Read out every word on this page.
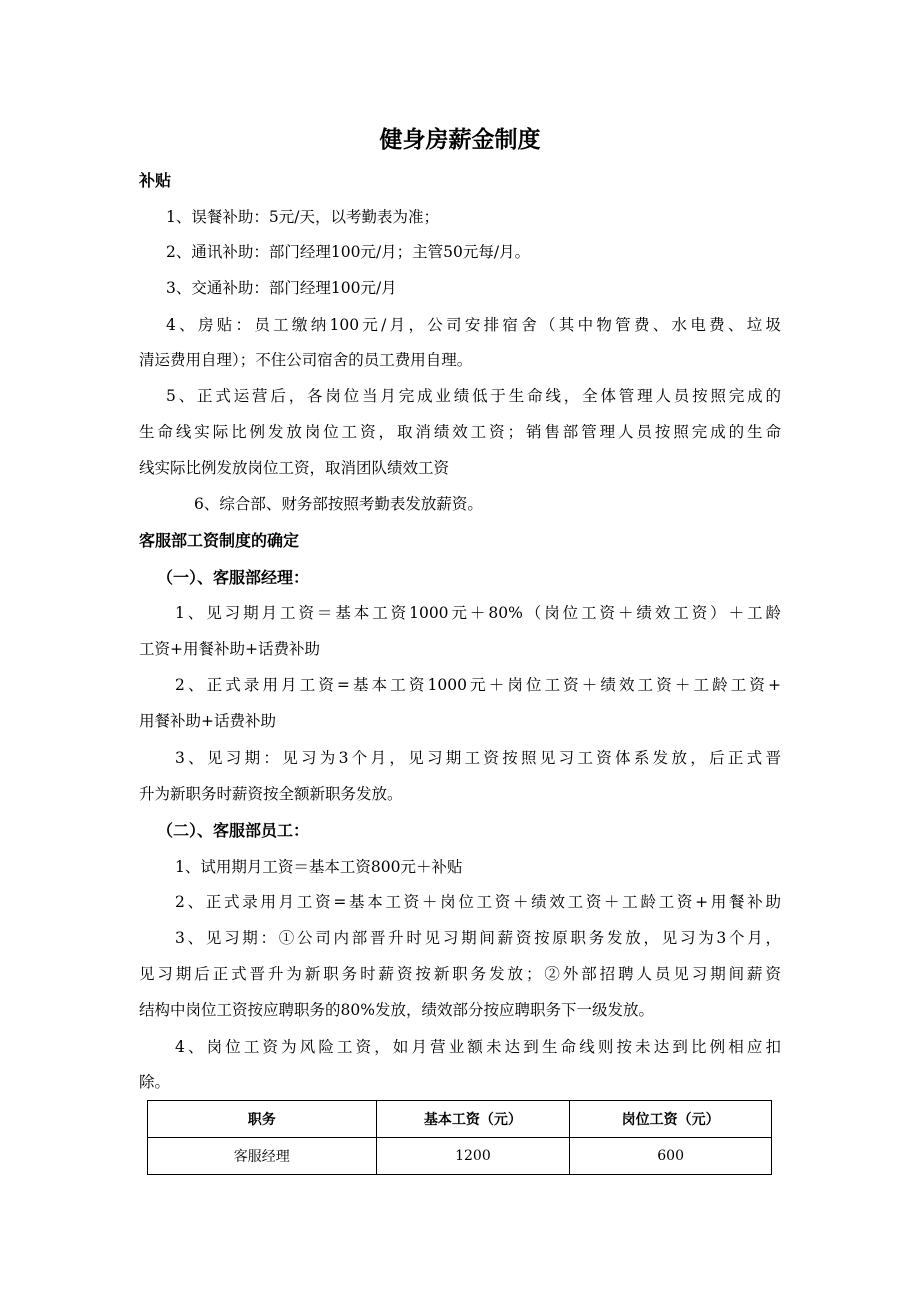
健身房薪金制度
补贴
1、误餐补助：5元/天，以考勤表为准；
2、通讯补助：部门经理100元/月；主管50元每/月。
3、交通补助：部门经理100元/月
4、房贴：员工缴纳100元/月，公司安排宿舍（其中物管费、水电费、垃圾
清运费用自理）；不住公司宿舍的员工费用自理。
5、正式运营后，各岗位当月完成业绩低于生命线，全体管理人员按照完成的
生命线实际比例发放岗位工资，取消绩效工资；销售部管理人员按照完成的生命
线实际比例发放岗位工资，取消团队绩效工资
6、综合部、财务部按照考勤表发放薪资。
客服部工资制度的确定
（一）、客服部经理：
1、见习期月工资＝基本工资1000元＋80%（岗位工资＋绩效工资）＋工龄
工资+用餐补助+话费补助
2、正式录用月工资=基本工资1000元＋岗位工资＋绩效工资＋工龄工资+
用餐补助+话费补助
3、见习期：见习为3个月，见习期工资按照见习工资体系发放，后正式晋
升为新职务时薪资按全额新职务发放。
（二）、客服部员工：
1、试用期月工资＝基本工资800元＋补贴
2、正式录用月工资=基本工资＋岗位工资＋绩效工资＋工龄工资+用餐补助
3、见习期：①公司内部晋升时见习期间薪资按原职务发放，见习为3个月，
见习期后正式晋升为新职务时薪资按新职务发放；②外部招聘人员见习期间薪资
结构中岗位工资按应聘职务的80%发放，绩效部分按应聘职务下一级发放。
4、岗位工资为风险工资，如月营业额未达到生命线则按未达到比例相应扣
除。
职务	基本工资（元）	岗位工资（元）
客服经理	1200	600
